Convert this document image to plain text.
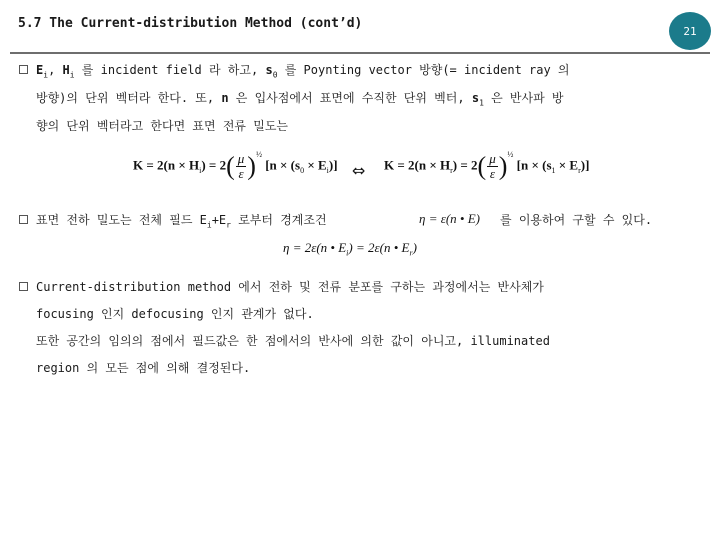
5.7 The Current-distribution Method (cont’d)	21
$E_i$, $H_i$ 를 incident field 라 하고, $s_0$ 를 Poynting vector 방향(= incident ray 의
방향)의 단위 벡터라 한다. 또, n 은 입사점에서 표면에 수직한 단위 벡터, $s_1$ 은 반사파 방
향의 단위 벡터라고 한다면 표면 전류 밀도는
$K = 2(n \times H_i) = 2( \frac{\mu}{\varepsilon} )^{\frac{1}{2}}$ $[n \times (s_0 \times E_i)]$ ⇔ $K = 2(n \times H_r) = 2( \frac{\mu}{\varepsilon} )^{\frac{1}{2}}$ $[n \times (s_1 \times E_r)]$
표면 전하 밀도는 전체 필드 $E_i+E_r$ 로부터 경계조건	η = ε(n • E) 를 이용하여 구할 수 있다.
η = 2ε(n • $E_i) = 2\varepsilon(n$ • $E_r$)
Current-distribution method 에서 전하 및 전류 분포를 구하는 과정에서는 반사체가
focusing 인지 defocusing 인지 관계가 없다.
또한 공간의 임의의 점에서 필드값은 한 점에서의 반사에 의한 값이 아니고, illuminated
region 의 모든 점에 의해 결정된다.
